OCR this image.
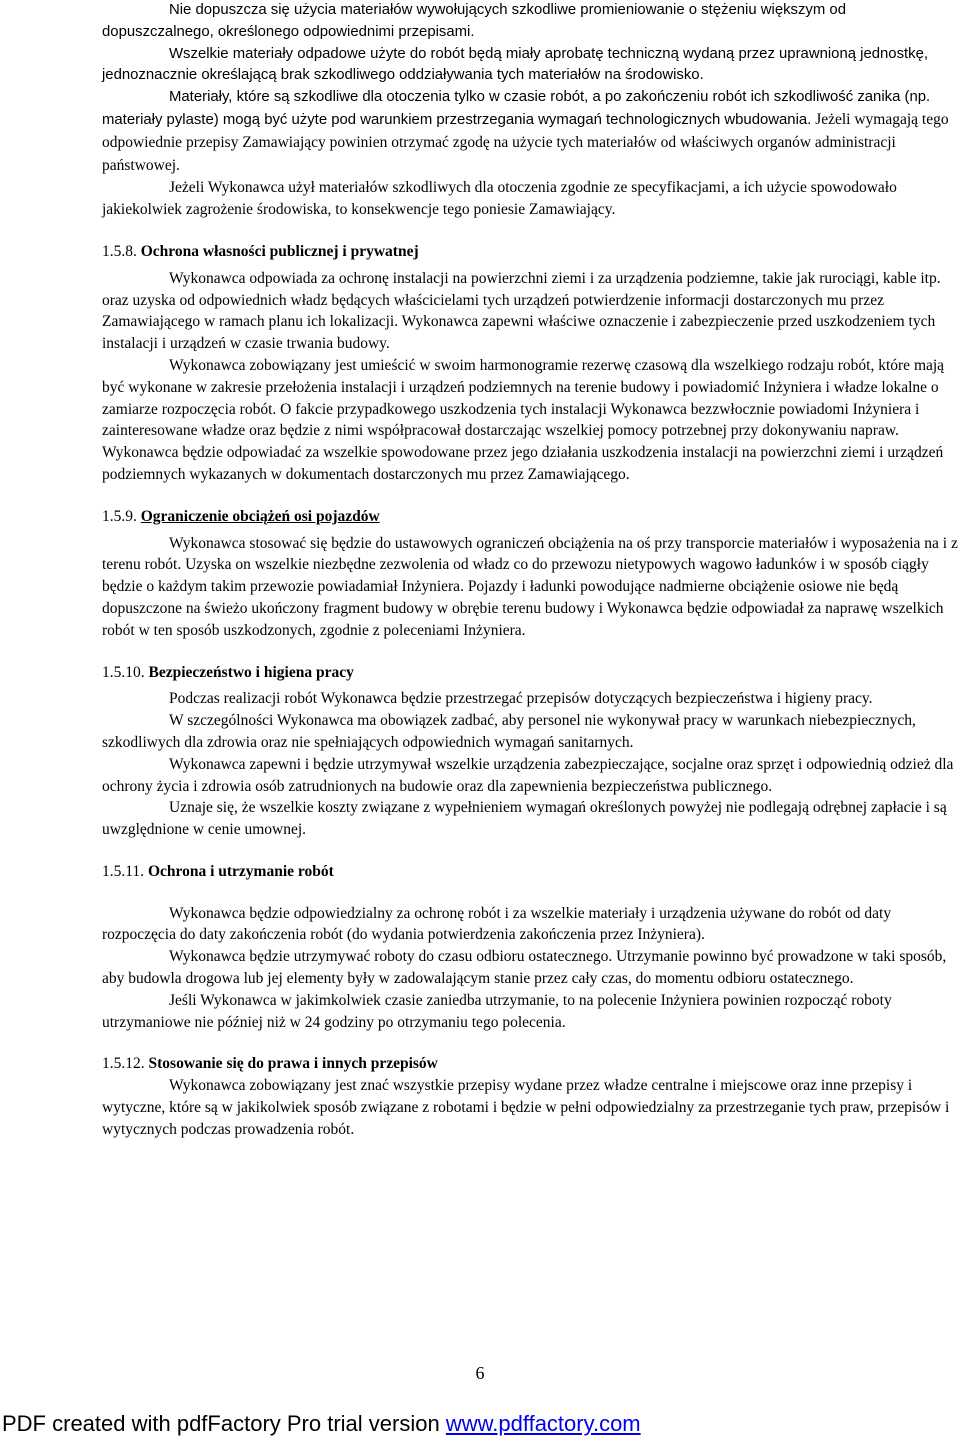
Nie dopuszcza się użycia materiałów wywołujących szkodliwe promieniowanie o stężeniu większym od dopuszczalnego, określonego odpowiednimi przepisami.

Wszelkie materiały odpadowe użyte do robót będą miały aprobatę techniczną wydaną przez uprawnioną jednostkę, jednoznacznie określającą brak szkodliwego oddziaływania tych materiałów na środowisko.

Materiały, które są szkodliwe dla otoczenia tylko w czasie robót, a po zakończeniu robót ich szkodliwość zanika (np. materiały pylaste) mogą być użyte pod warunkiem przestrzegania wymagań technologicznych wbudowania. Jeżeli wymagają tego odpowiednie przepisy Zamawiający powinien otrzymać zgodę na użycie tych materiałów od właściwych organów administracji państwowej.

Jeżeli Wykonawca użył materiałów szkodliwych dla otoczenia zgodnie ze specyfikacjami, a ich użycie spowodowało jakiekolwiek zagrożenie środowiska, to konsekwencje tego poniesie Zamawiający.

1.5.8. Ochrona własności publicznej i prywatnej

Wykonawca odpowiada za ochronę instalacji na powierzchni ziemi i za urządzenia podziemne, takie jak rurociągi, kable itp. oraz uzyska od odpowiednich władz będących właścicielami tych urządzeń potwierdzenie informacji dostarczonych mu przez Zamawiającego w ramach planu ich lokalizacji. Wykonawca zapewni właściwe oznaczenie i zabezpieczenie przed uszkodzeniem tych instalacji i urządzeń w czasie trwania budowy.

Wykonawca zobowiązany jest umieścić w swoim harmonogramie rezerwę czasową dla wszelkiego rodzaju robót, które mają być wykonane w zakresie przełożenia instalacji i urządzeń podziemnych na terenie budowy i powiadomić Inżyniera i władze lokalne o zamiarze rozpoczęcia robót. O fakcie przypadkowego uszkodzenia tych instalacji Wykonawca bezzwłocznie powiadomi Inżyniera i zainteresowane władze oraz będzie z nimi współpracował dostarczając wszelkiej pomocy potrzebnej przy dokonywaniu napraw. Wykonawca będzie odpowiadać za wszelkie spowodowane przez jego działania uszkodzenia instalacji na powierzchni ziemi i urządzeń podziemnych wykazanych w dokumentach dostarczonych mu przez Zamawiającego.

1.5.9. Ograniczenie obciążeń osi pojazdów

Wykonawca stosować się będzie do ustawowych ograniczeń obciążenia na oś przy transporcie materiałów i wyposażenia na i z terenu robót. Uzyska on wszelkie niezbędne zezwolenia od władz co do przewozu nietypowych wagowo ładunków i w sposób ciągły będzie o każdym takim przewozie powiadamiał Inżyniera. Pojazdy i ładunki powodujące nadmierne obciążenie osiowe nie będą dopuszczone na świeżo ukończony fragment budowy w obrębie terenu budowy i Wykonawca będzie odpowiadał za naprawę wszelkich robót w ten sposób uszkodzonych, zgodnie z poleceniami Inżyniera.

1.5.10. Bezpieczeństwo i higiena pracy

Podczas realizacji robót Wykonawca będzie przestrzegać przepisów dotyczących bezpieczeństwa i higieny pracy.

W szczególności Wykonawca ma obowiązek zadbać, aby personel nie wykonywał pracy w warunkach niebezpiecznych, szkodliwych dla zdrowia oraz nie spełniających odpowiednich wymagań sanitarnych.

Wykonawca zapewni i będzie utrzymywał wszelkie urządzenia zabezpieczające, socjalne oraz sprzęt i odpowiednią odzież dla ochrony życia i zdrowia osób zatrudnionych na budowie oraz dla zapewnienia bezpieczeństwa publicznego.

Uznaje się, że wszelkie koszty związane z wypełnieniem wymagań określonych powyżej nie podlegają odrębnej zapłacie i są uwzględnione w cenie umownej.

1.5.11. Ochrona i utrzymanie robót

Wykonawca będzie odpowiedzialny za ochronę robót i za wszelkie materiały i urządzenia używane do robót od daty rozpoczęcia do daty zakończenia robót (do wydania potwierdzenia zakończenia przez Inżyniera).

Wykonawca będzie utrzymywać roboty do czasu odbioru ostatecznego. Utrzymanie powinno być prowadzone w taki sposób, aby budowla drogowa lub jej elementy były w zadowalającym stanie przez cały czas, do momentu odbioru ostatecznego.

Jeśli Wykonawca w jakimkolwiek czasie zaniedba utrzymanie, to na polecenie Inżyniera powinien rozpocząć roboty utrzymaniowe nie później niż w 24 godziny po otrzymaniu tego polecenia.

1.5.12. Stosowanie się do prawa i innych przepisów

Wykonawca zobowiązany jest znać wszystkie przepisy wydane przez władze centralne i miejscowe oraz inne przepisy i wytyczne, które są w jakikolwiek sposób związane z robotami i będzie w pełni odpowiedzialny za przestrzeganie tych praw, przepisów i wytycznych podczas prowadzenia robót.

6
PDF created with pdfFactory Pro trial version www.pdffactory.com
